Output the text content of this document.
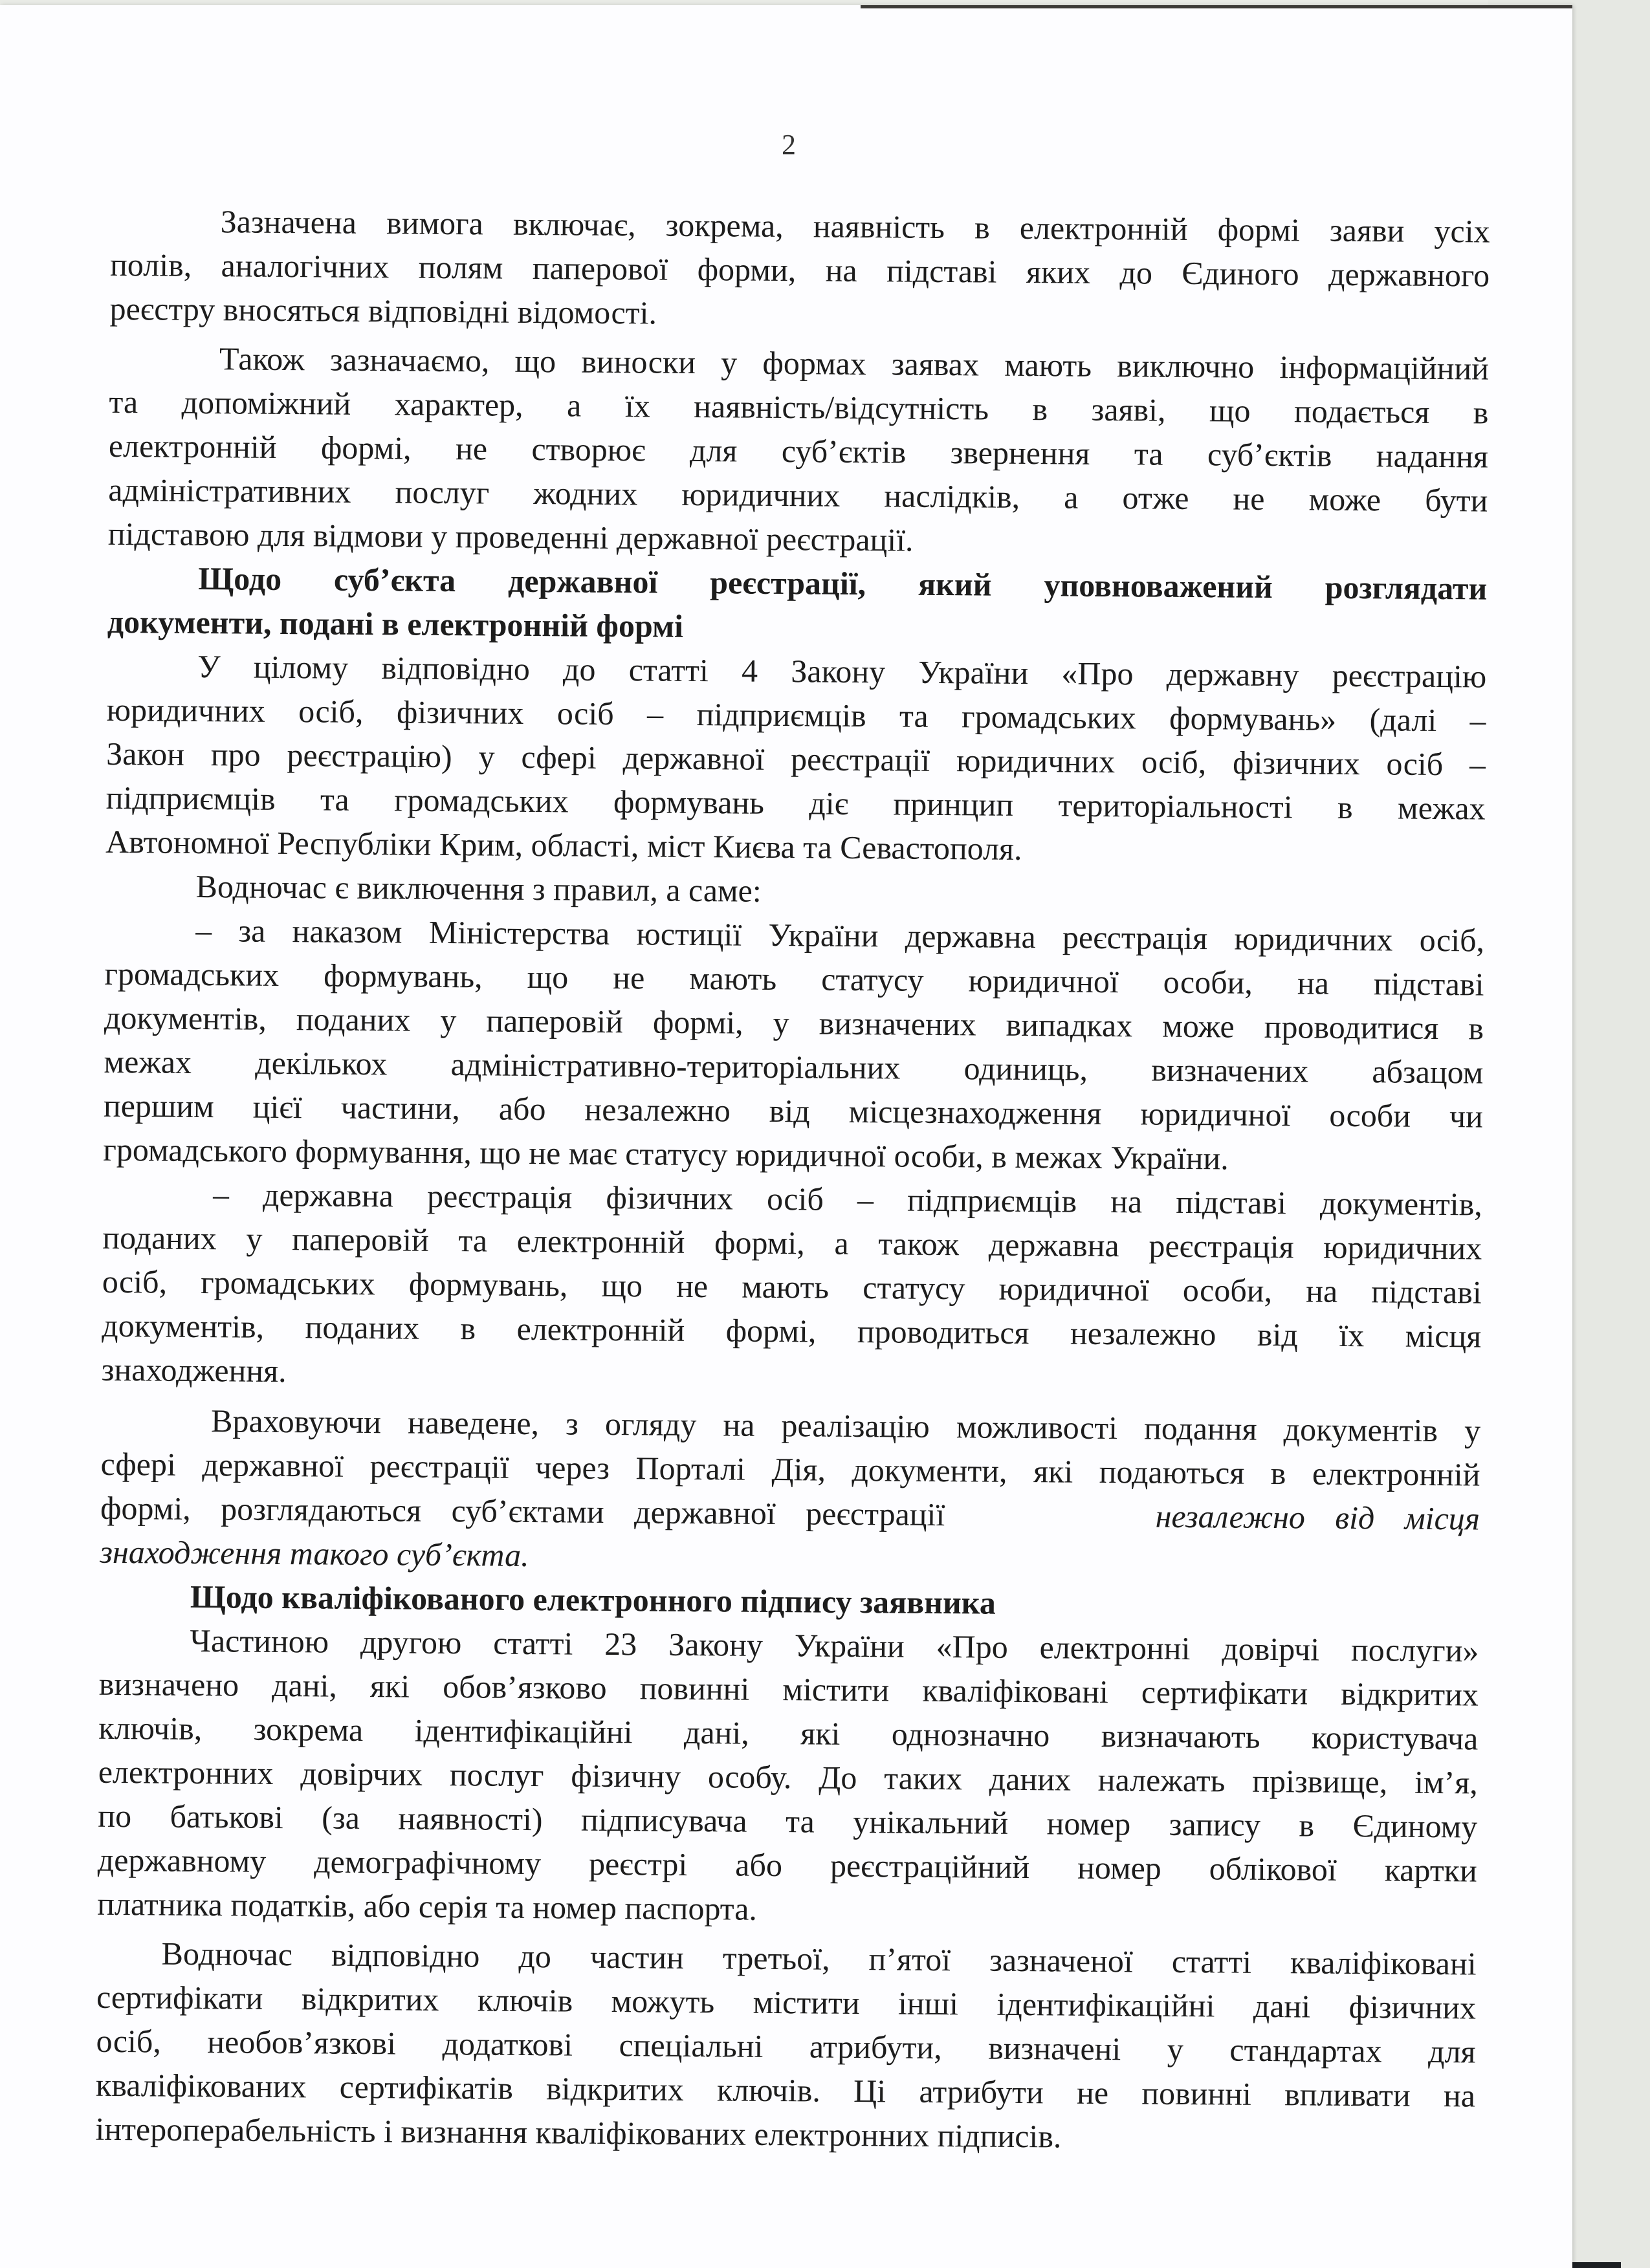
2
Зазначена вимога включає, зокрема, наявність в електронній формі заяви усіх
полів, аналогічних полям паперової форми, на підставі яких до Єдиного державного
реєстру вносяться відповідні відомості.
Також зазначаємо, що виноски у формах заявах мають виключно інформаційний
та допоміжний характер, а їх наявність/відсутність в заяві, що подається в
електронній формі, не створює для суб’єктів звернення та суб’єктів надання
адміністративних послуг жодних юридичних наслідків, а отже не може бути
підставою для відмови у проведенні державної реєстрації.
Щодо суб’єкта державної реєстрації, який уповноважений розглядати
документи, подані в електронній формі
У цілому відповідно до статті 4 Закону України «Про державну реєстрацію
юридичних осіб, фізичних осіб – підприємців та громадських формувань» (далі –
Закон про реєстрацію) у сфері державної реєстрації юридичних осіб, фізичних осіб –
підприємців та громадських формувань діє принцип територіальності в межах
Автономної Республіки Крим, області, міст Києва та Севастополя.
Водночас є виключення з правил, а саме:
– за наказом Міністерства юстиції України державна реєстрація юридичних осіб,
громадських формувань, що не мають статусу юридичної особи, на підставі
документів, поданих у паперовій формі, у визначених випадках може проводитися в
межах декількох адміністративно-територіальних одиниць, визначених абзацом
першим цієї частини, або незалежно від місцезнаходження юридичної особи чи
громадського формування, що не має статусу юридичної особи, в межах України.
– державна реєстрація фізичних осіб – підприємців на підставі документів,
поданих у паперовій та електронній формі, а також державна реєстрація юридичних
осіб, громадських формувань, що не мають статусу юридичної особи, на підставі
документів, поданих в електронній формі, проводиться незалежно від їх місця
знаходження.
Враховуючи наведене, з огляду на реалізацію можливості подання документів у
сфері державної реєстрації через Порталі Дія, документи, які подаються в електронній
формі, розглядаються суб’єктами державної реєстрації	незалежно від місця
знаходження такого суб’єкта.
Щодо кваліфікованого електронного підпису заявника
Частиною другою статті 23 Закону України «Про електронні довірчі послуги»
визначено дані, які обов’язково повинні містити кваліфіковані сертифікати відкритих
ключів, зокрема ідентифікаційні дані, які однозначно визначають користувача
електронних довірчих послуг фізичну особу. До таких даних належать прізвище, ім’я,
по батькові (за наявності) підписувача та унікальний номер запису в Єдиному
державному демографічному реєстрі або реєстраційний номер облікової картки
платника податків, або серія та номер паспорта.
Водночас відповідно до частин третьої, п’ятої зазначеної статті кваліфіковані
сертифікати відкритих ключів можуть містити інші ідентифікаційні дані фізичних
осіб, необов’язкові додаткові спеціальні атрибути, визначені у стандартах для
кваліфікованих сертифікатів відкритих ключів. Ці атрибути не повинні впливати на
інтероперабельність і визнання кваліфікованих електронних підписів.
